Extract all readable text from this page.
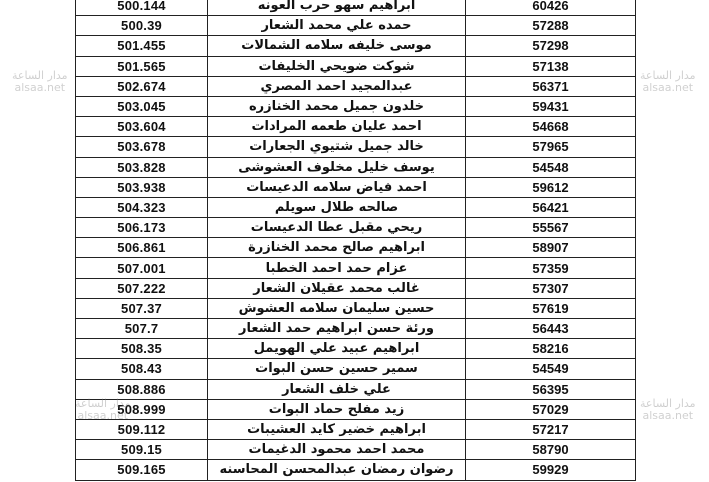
500.144	ابراهيم سهو حرب العونه	60426
500.39	حمده علي محمد الشعار	57288
501.455	موسى خليفه سلامه الشمالات	57298
501.565	شوكت ضويحي الخليفات	57138
502.674	عبدالمجيد احمد المصري	56371
503.045	خلدون جميل محمد الخنازره	59431
503.604	احمد عليان طعمه المرادات	54668
503.678	خالد جميل شتيوي الجعارات	57965
503.828	يوسف خليل مخلوف العشوشى	54548
503.938	احمد فياض سلامه الدعيسات	59612
504.323	صالحه طلال سويلم	56421
506.173	ريحي مقبل عطا الدعيسات	55567
506.861	ابراهيم صالح محمد الخنازرة	58907
507.001	عزام حمد احمد الخطبا	57359
507.222	غالب محمد عقيلان الشعار	57307
507.37	حسين سليمان سلامه العشوش	57619
507.7	ورئة حسن ابراهيم حمد الشعار	56443
508.35	ابراهيم عبيد علي الهويمل	58216
508.43	سمير حسين حسن البوات	54549
508.886	علي خلف الشعار	56395
508.999	زيد مفلح حماد البوات	57029
509.112	ابراهيم خضير كايد العشيبات	57217
509.15	محمد احمد محمود الدغيمات	58790
509.165	رضوان رمضان عبدالمحسن المحاسنه	59929
مدار الساعة
alsaa.net
مدار الساعة
alsaa.net
مدار الساعة
alsaa.net
مدار الساعة
alsaa.net
